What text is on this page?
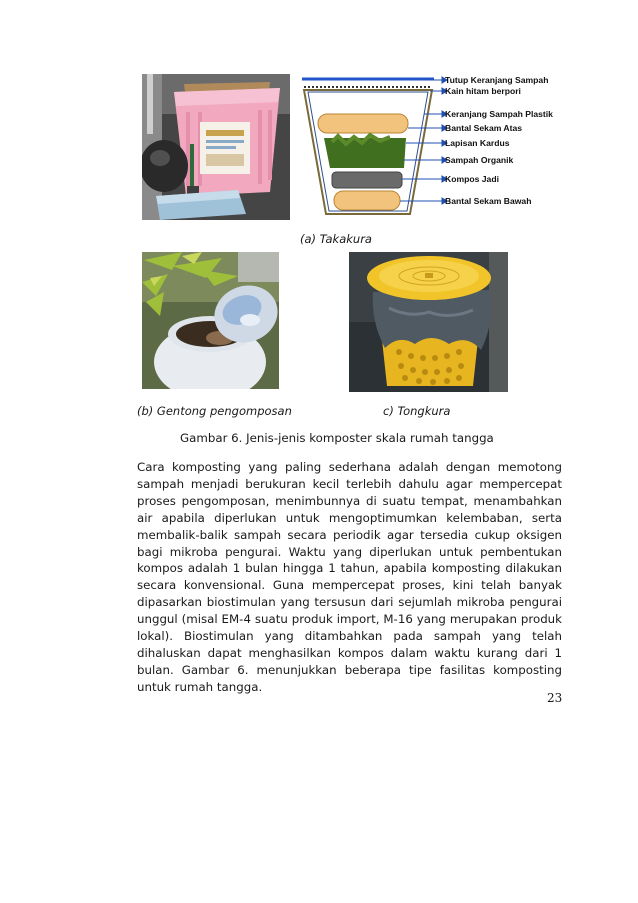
Tutup Keranjang Sampah
Kain hitam berpori
Keranjang Sampah Plastik
Bantal Sekam Atas
Lapisan Kardus
Sampah Organik
Kompos Jadi
Bantal Sekam Bawah
(a) Takakura
(b) Gentong pengomposan	c) Tongkura
Gambar 6. Jenis-jenis komposter skala rumah tangga

Cara komposting yang paling sederhana adalah dengan memotong sampah menjadi berukuran kecil terlebih dahulu agar mempercepat proses pengomposan, menimbunnya di suatu tempat, menambahkan air apabila diperlukan untuk mengoptimumkan kelembaban, serta membalik-balik sampah secara periodik agar tersedia cukup oksigen bagi mikroba pengurai. Waktu yang diperlukan untuk pembentukan kompos adalah 1 bulan hingga 1 tahun, apabila komposting dilakukan secara konvensional. Guna mempercepat proses, kini telah banyak dipasarkan biostimulan yang tersusun dari sejumlah mikroba pengurai unggul (misal EM-4 suatu produk import, M-16 yang merupakan produk lokal). Biostimulan yang ditambahkan pada sampah yang telah dihaluskan dapat menghasilkan kompos dalam waktu kurang dari 1 bulan. Gambar 6. menunjukkan beberapa tipe fasilitas komposting untuk rumah tangga.

23
